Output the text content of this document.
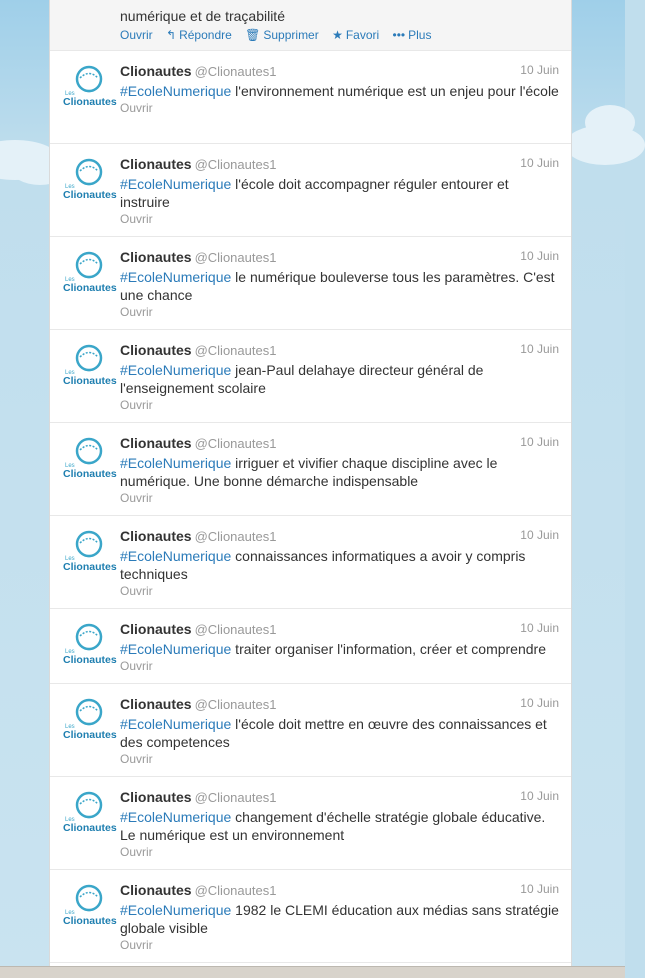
numérique et de traçabilité
Ouvrir ↰ Répondre 🗑 Supprimer ★ Favori ••• Plus
Les
Clionautes
Clionautes @Clionautes1	10 Juin
#EcoleNumerique l'environnement numérique est un enjeu pour l'école
Ouvrir
Les
Clionautes
Clionautes @Clionautes1	10 Juin
#EcoleNumerique l'école doit accompagner réguler entourer et instruire
Ouvrir
Les
Clionautes
Clionautes @Clionautes1	10 Juin
#EcoleNumerique le numérique bouleverse tous les paramètres. C'est une chance
Ouvrir
Les
Clionautes
Clionautes @Clionautes1	10 Juin
#EcoleNumerique jean-Paul delahaye directeur général de l'enseignement scolaire
Ouvrir
Les
Clionautes
Clionautes @Clionautes1	10 Juin
#EcoleNumerique irriguer et vivifier chaque discipline avec le numérique. Une bonne démarche indispensable
Ouvrir
Les
Clionautes
Clionautes @Clionautes1	10 Juin
#EcoleNumerique connaissances informatiques a avoir y compris techniques
Ouvrir
Les
Clionautes
Clionautes @Clionautes1	10 Juin
#EcoleNumerique traiter organiser l'information, créer et comprendre
Ouvrir
Les
Clionautes
Clionautes @Clionautes1	10 Juin
#EcoleNumerique l'école doit mettre en œuvre des connaissances et des competences
Ouvrir
Les
Clionautes
Clionautes @Clionautes1	10 Juin
#EcoleNumerique changement d'échelle stratégie globale éducative. Le numérique est un environnement
Ouvrir
Les
Clionautes
Clionautes @Clionautes1	10 Juin
#EcoleNumerique 1982 le CLEMI éducation aux médias sans stratégie globale visible
Ouvrir
